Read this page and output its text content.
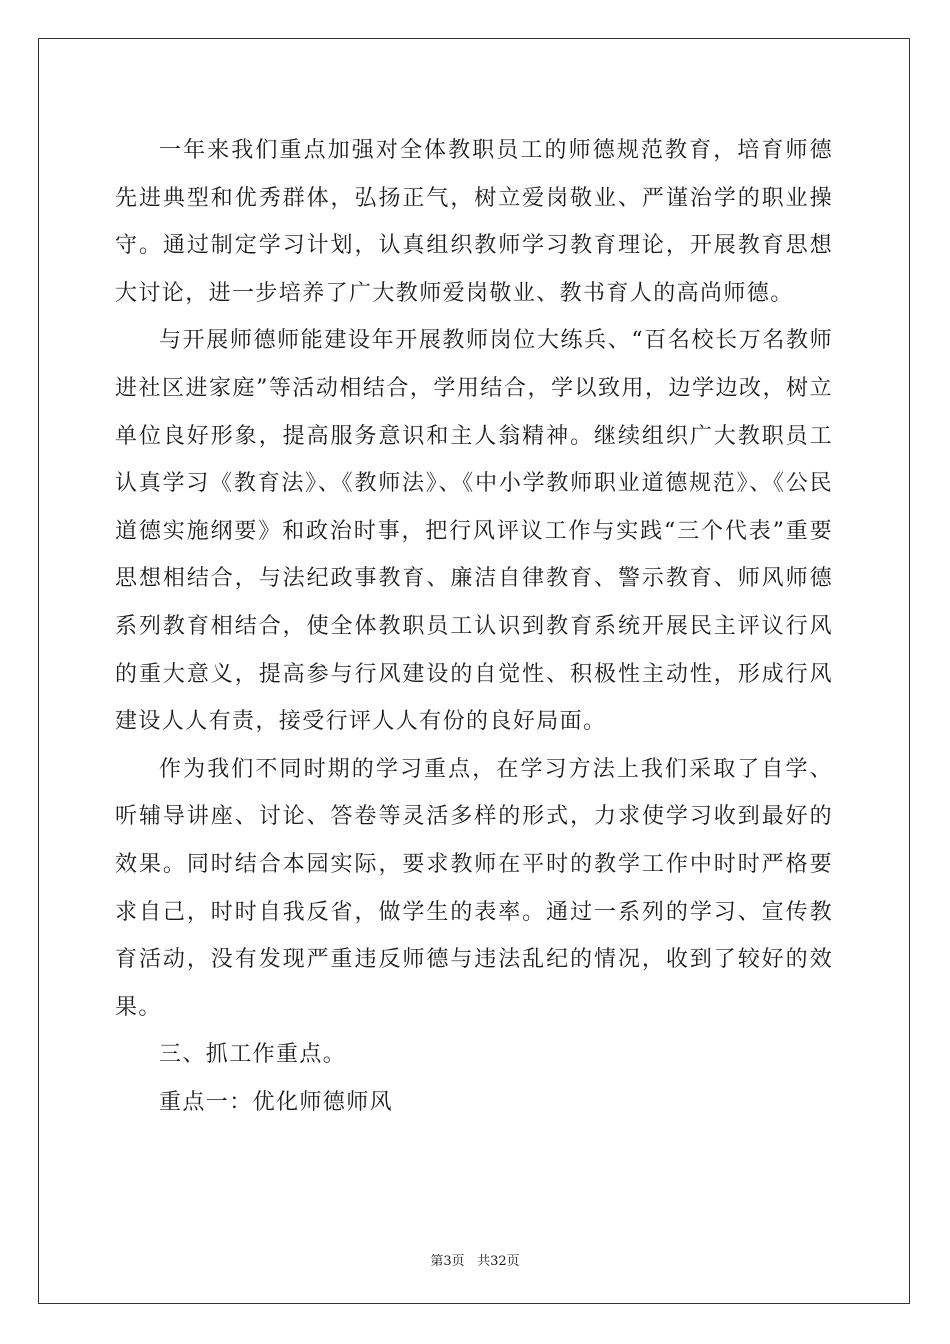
一年来我们重点加强对全体教职员工的师德规范教育，培育师德先进典型和优秀群体，弘扬正气，树立爱岗敬业、严谨治学的职业操守。通过制定学习计划，认真组织教师学习教育理论，开展教育思想大讨论，进一步培养了广大教师爱岗敬业、教书育人的高尚师德。

与开展师德师能建设年开展教师岗位大练兵、“百名校长万名教师进社区进家庭”等活动相结合，学用结合，学以致用，边学边改，树立单位良好形象，提高服务意识和主人翁精神。继续组织广大教职员工认真学习《教育法》、《教师法》、《中小学教师职业道德规范》、《公民道德实施纲要》和政治时事，把行风评议工作与实践“三个代表”重要思想相结合，与法纪政事教育、廉洁自律教育、警示教育、师风师德系列教育相结合，使全体教职员工认识到教育系统开展民主评议行风的重大意义，提高参与行风建设的自觉性、积极性主动性，形成行风建设人人有责，接受行评人人有份的良好局面。

作为我们不同时期的学习重点，在学习方法上我们采取了自学、听辅导讲座、讨论、答卷等灵活多样的形式，力求使学习收到最好的效果。同时结合本园实际，要求教师在平时的教学工作中时时严格要求自己，时时自我反省，做学生的表率。通过一系列的学习、宣传教育活动，没有发现严重违反师德与违法乱纪的情况，收到了较好的效果。

三、抓工作重点。

重点一：优化师德师风

第3页 共32页
